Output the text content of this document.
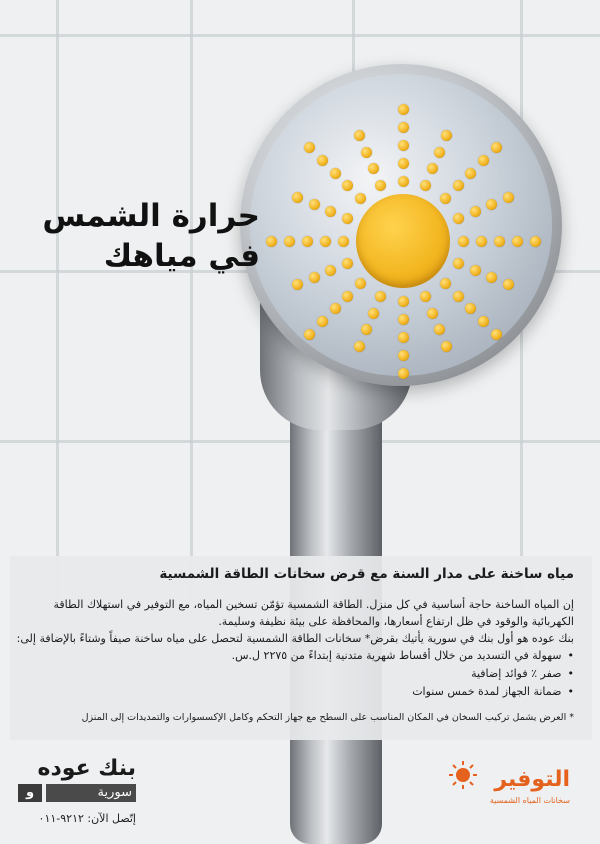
حرارة الشمس
في مياهك
مياه ساخنة على مدار السنة مع قرض سخانات الطاقة الشمسية

إن المياه الساخنة حاجة أساسية في كل منزل. الطاقة الشمسية تؤمّن تسخين المياه، مع التوفير في استهلاك الطاقة الكهربائية والوقود في ظل ارتفاع أسعارها، والمحافظة على بيئة نظيفة وسليمة.

بنك عوده هو أول بنك في سورية يأتيك بقرض* سخانات الطاقة الشمسية لتحصل على مياه ساخنة صيفاً وشتاءً بالإضافة إلى:

• سهولة في التسديد من خلال أقساط شهرية متدنية إبتداءً من ٢٢٧٥ ل.س.
• صفر ٪ فوائد إضافية
• ضمانة الجهاز لمدة خمس سنوات
* العرض يشمل تركيب السخان في المكان المناسب على السطح مع جهاز التحكم وكامل الإكسسوارات والتمديدات إلى المنزل
بنك عوده
و	سورية
إتّصل الآن: ٩٢١٢-٠١١
التوفير
سخانات المياه الشمسية
